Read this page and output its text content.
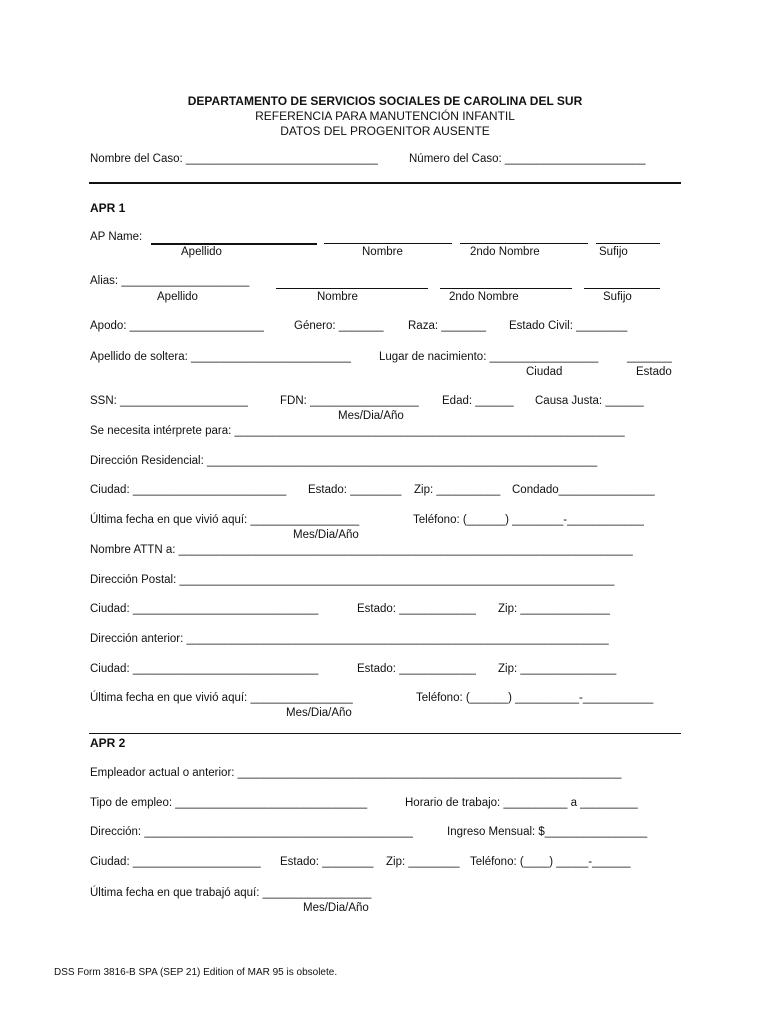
DEPARTAMENTO DE SERVICIOS SOCIALES DE CAROLINA DEL SUR
REFERENCIA PARA MANUTENCIÓN INFANTIL
DATOS DEL PROGENITOR AUSENTE
Nombre del Caso: ______________________________	Número del Caso: ______________________
APR 1
AP Name:
Apellido	Nombre	2ndo Nombre	Sufijo
Alias: ____________________
Apellido	Nombre	2ndo Nombre	Sufijo
Apodo: _____________________	Género: _______ Raza: _______ Estado Civil: ________
Apellido de soltera: _________________________ Lugar de nacimiento: _________________ _______
Ciudad	Estado
SSN: ____________________	FDN: _________________ Edad: ______ Causa Justa: ______
Mes/Dia/Año
Se necesita intérprete para: _____________________________________________________________
Dirección Residencial: _____________________________________________________________
Ciudad: ________________________ Estado: ________ Zip: __________ Condado_______________
Última fecha en que vivió aquí: _________________	Teléfono: (______) ________-____________
Mes/Dia/Año
Nombre ATTN a: _______________________________________________________________________
Dirección Postal: ____________________________________________________________________
Ciudad: _____________________________	Estado: ____________ Zip: ______________
Dirección anterior: __________________________________________________________________
Ciudad: _____________________________	Estado: ____________ Zip: _______________
Última fecha en que vivió aquí: ________________	Teléfono: (______) __________-___________
Mes/Dia/Año
APR 2
Empleador actual o anterior: ____________________________________________________________
Tipo de empleo: ______________________________	Horario de trabajo: __________ a _________
Dirección: __________________________________________	Ingreso Mensual: $________________
Ciudad: ____________________ Estado: ________ Zip: ________ Teléfono: (____) _____-______
Última fecha en que trabajó aquí: _________________
Mes/Dia/Año
DSS Form 3816-B SPA (SEP 21) Edition of MAR 95 is obsolete.
